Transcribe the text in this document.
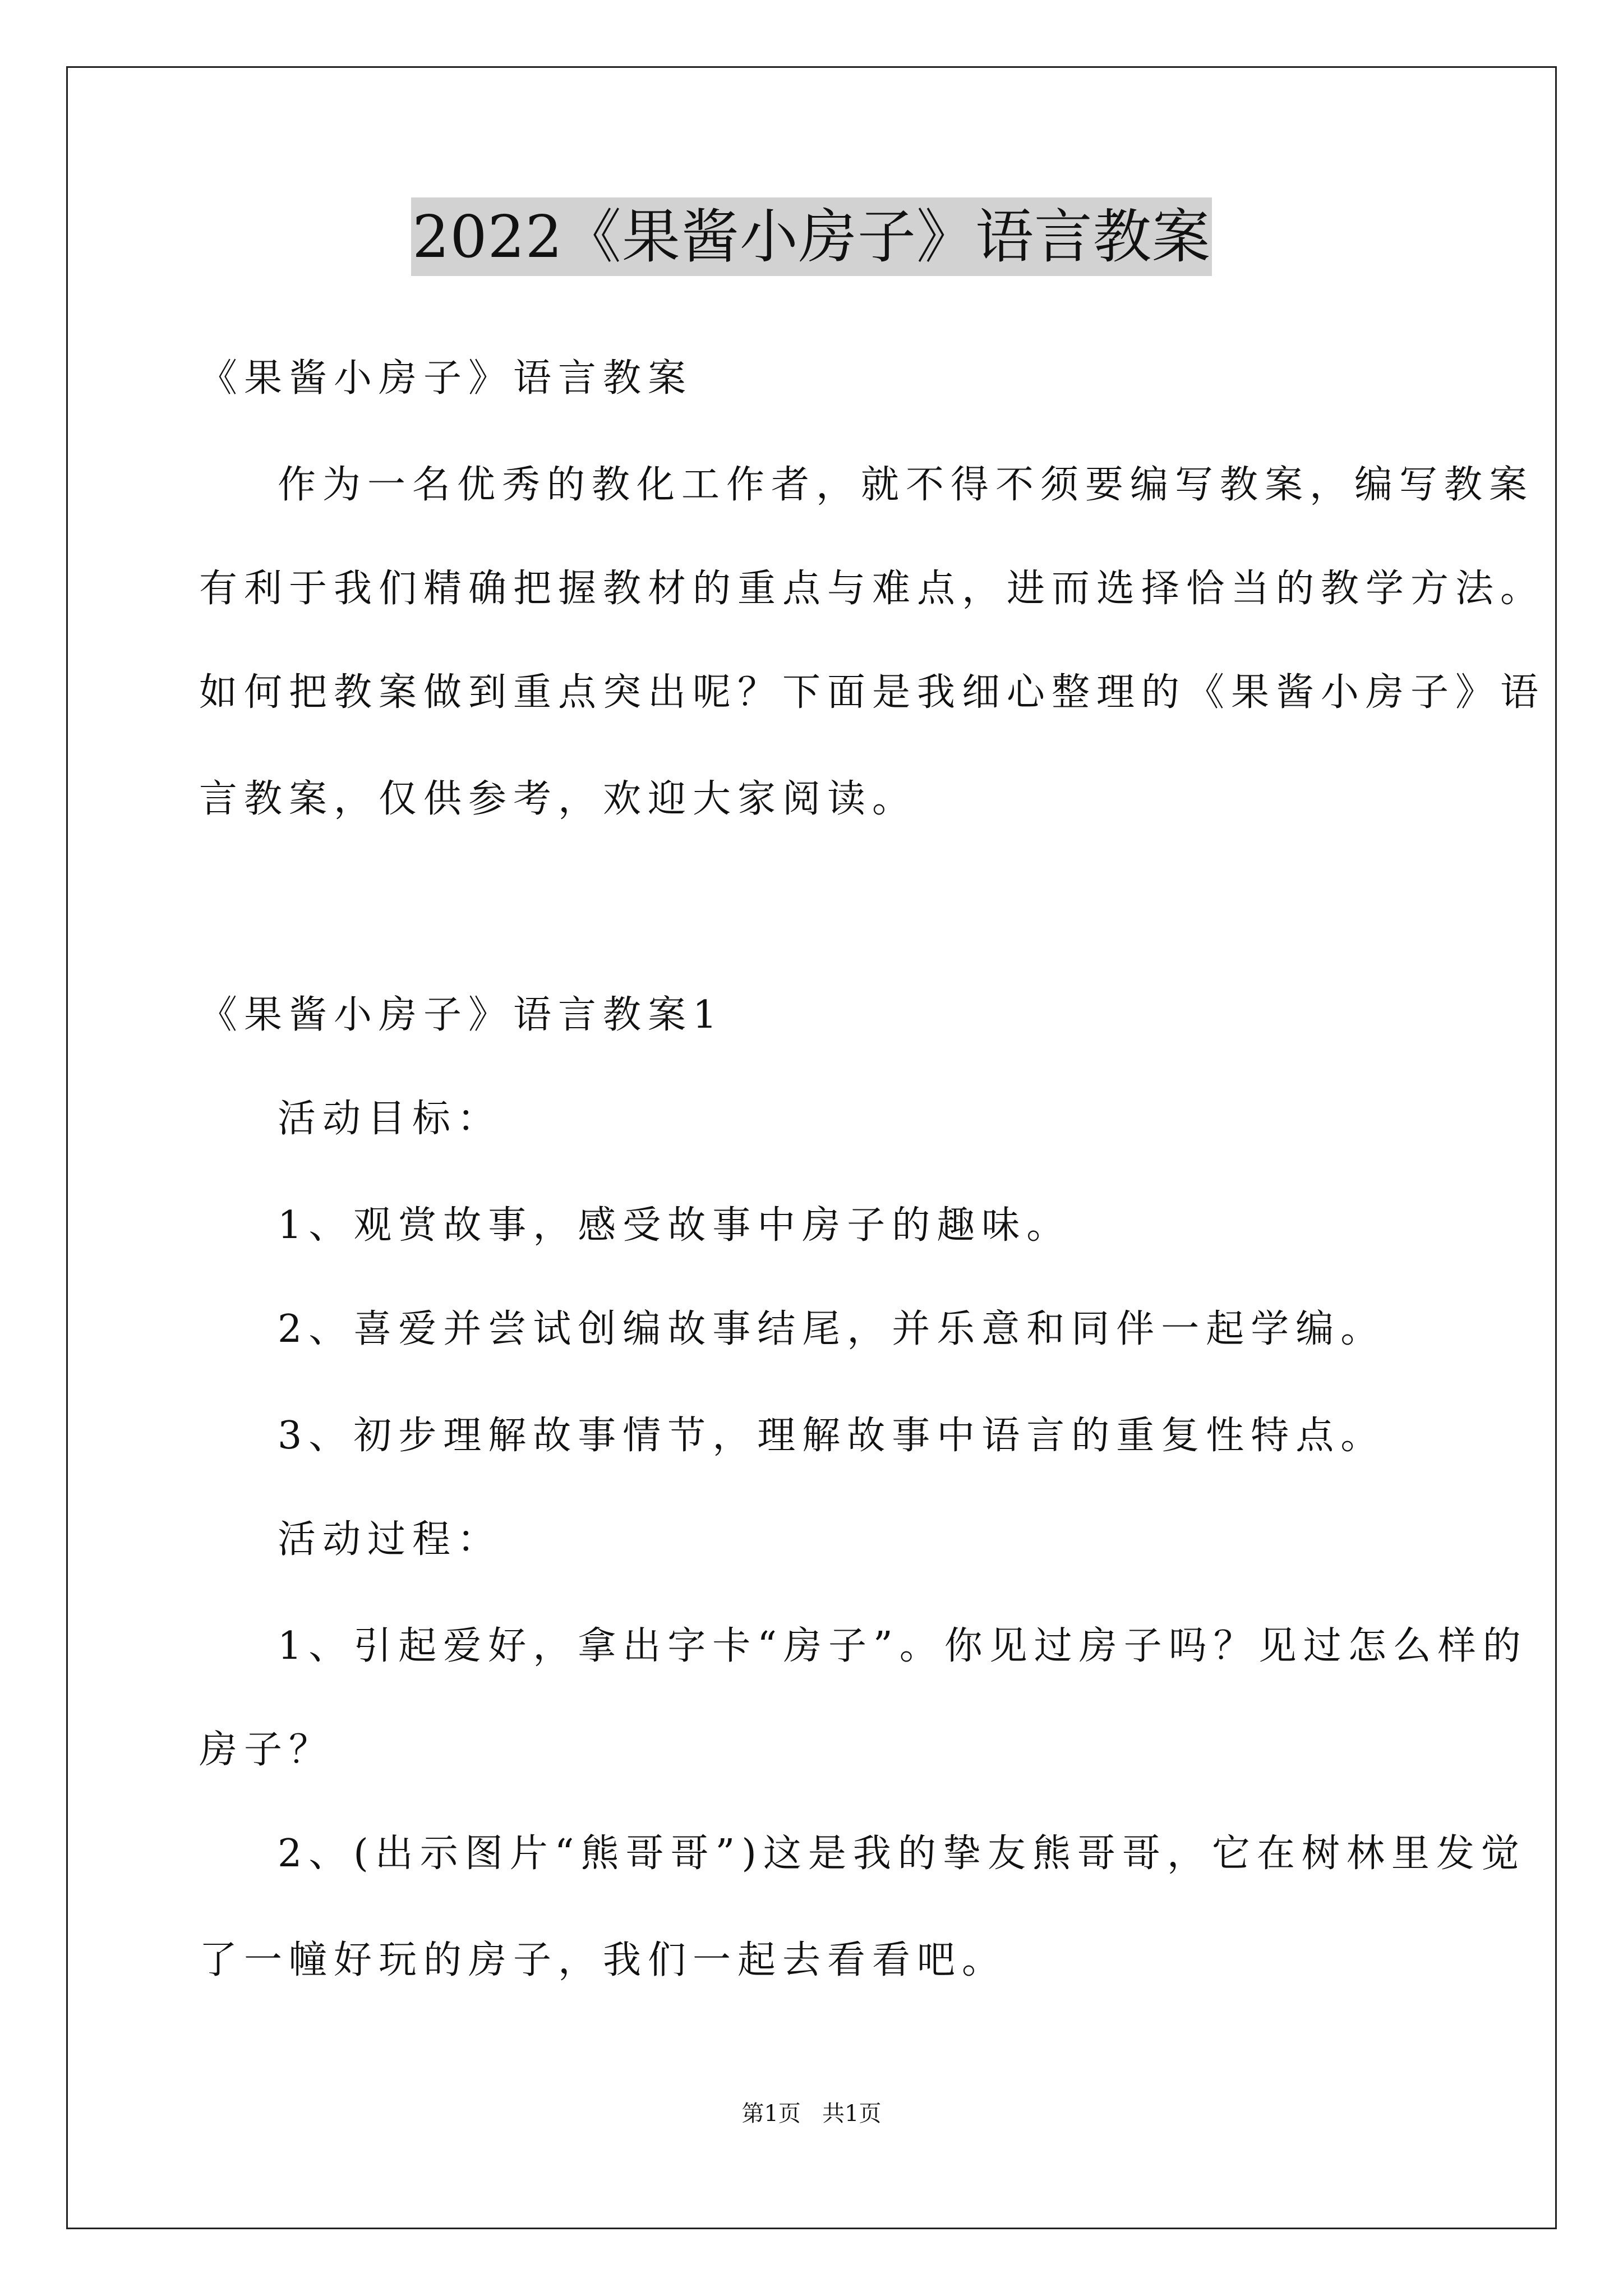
2022《果酱小房子》语言教案
《果酱小房子》语言教案
作为一名优秀的教化工作者，就不得不须要编写教案，编写教案
有利于我们精确把握教材的重点与难点，进而选择恰当的教学方法。
如何把教案做到重点突出呢？下面是我细心整理的《果酱小房子》语
言教案，仅供参考，欢迎大家阅读。
《果酱小房子》语言教案1
活动目标：
1、观赏故事，感受故事中房子的趣味。
2、喜爱并尝试创编故事结尾，并乐意和同伴一起学编。
3、初步理解故事情节，理解故事中语言的重复性特点。
活动过程：
1、引起爱好，拿出字卡“房子”。你见过房子吗？见过怎么样的
房子？
2、(出示图片“熊哥哥”)这是我的挚友熊哥哥，它在树林里发觉
了一幢好玩的房子，我们一起去看看吧。
第1页   共1页
